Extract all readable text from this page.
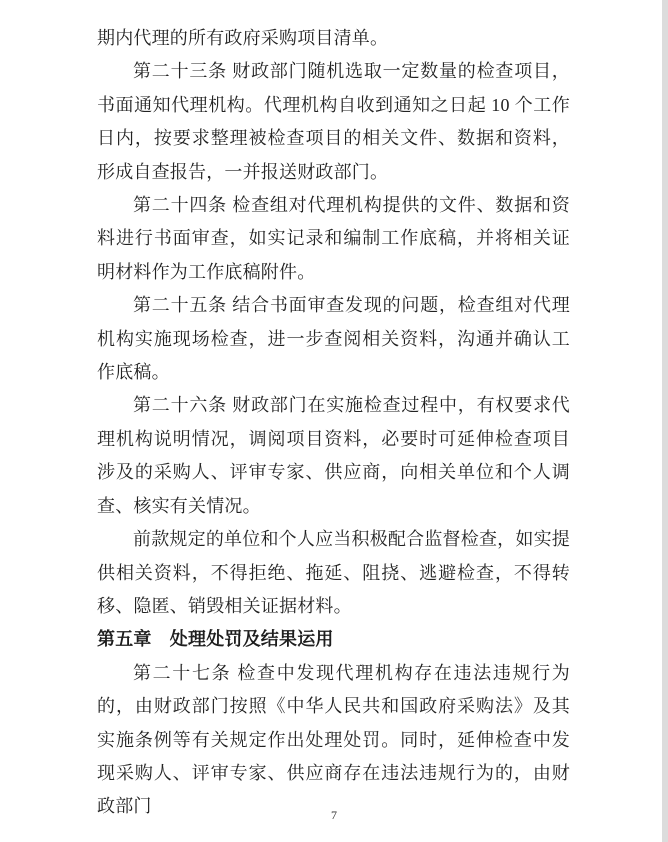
期内代理的所有政府采购项目清单。

第二十三条 财政部门随机选取一定数量的检查项目，书面通知代理机构。代理机构自收到通知之日起 10 个工作日内，按要求整理被检查项目的相关文件、数据和资料，形成自查报告，一并报送财政部门。

第二十四条 检查组对代理机构提供的文件、数据和资料进行书面审查，如实记录和编制工作底稿，并将相关证明材料作为工作底稿附件。

第二十五条 结合书面审查发现的问题，检查组对代理机构实施现场检查，进一步查阅相关资料，沟通并确认工作底稿。

第二十六条 财政部门在实施检查过程中，有权要求代理机构说明情况，调阅项目资料，必要时可延伸检查项目涉及的采购人、评审专家、供应商，向相关单位和个人调查、核实有关情况。

前款规定的单位和个人应当积极配合监督检查，如实提供相关资料，不得拒绝、拖延、阻挠、逃避检查，不得转移、隐匿、销毁相关证据材料。

第五章　处理处罚及结果运用

第二十七条 检查中发现代理机构存在违法违规行为的，由财政部门按照《中华人民共和国政府采购法》及其实施条例等有关规定作出处理处罚。同时，延伸检查中发现采购人、评审专家、供应商存在违法违规行为的，由财政部门	7
